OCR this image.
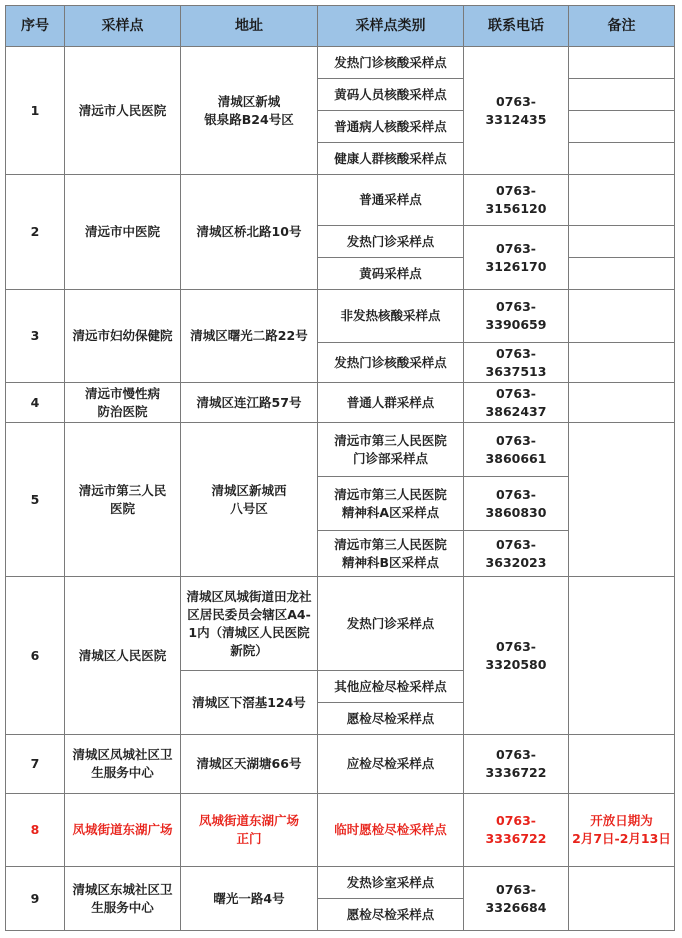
序号	采样点	地址	采样点类别	联系电话	备注
1	清远市人民医院	清城区新城
银泉路B24号区	发热门诊核酸采样点	0763-3312435	
			黄码人员核酸采样点		
			普通病人核酸采样点		
			健康人群核酸采样点		
2	清远市中医院	清城区桥北路10号	普通采样点	0763-3156120	
			发热门诊采样点	0763-3126170	
			黄码采样点		
3	清远市妇幼保健院	清城区曙光二路22号	非发热核酸采样点	0763-3390659	
			发热门诊核酸采样点	0763-3637513	
4	清远市慢性病
防治医院	清城区连江路57号	普通人群采样点	0763-3862437	
5	清远市第三人民
医院	清城区新城西
八号区	清远市第三人民医院
门诊部采样点	0763-3860661	
			清远市第三人民医院
精神科A区采样点	0763-3860830	
			清远市第三人民医院
精神科B区采样点	0763-3632023	
6	清城区人民医院	清城区凤城街道田龙社
区居民委员会辖区A4-
1内（清城区人民医院
新院）	发热门诊采样点	0763-3320580	
		清城区下滘基124号	其他应检尽检采样点		
			愿检尽检采样点		
7	清城区凤城社区卫
生服务中心	清城区天湖塘66号	应检尽检采样点	0763-3336722	
8	凤城街道东湖广场	凤城街道东湖广场
正门	临时愿检尽检采样点	0763-3336722	开放日期为
2月7日-2月13日
9	清城区东城社区卫
生服务中心	曙光一路4号	发热诊室采样点	0763-3326684	
			愿检尽检采样点		
